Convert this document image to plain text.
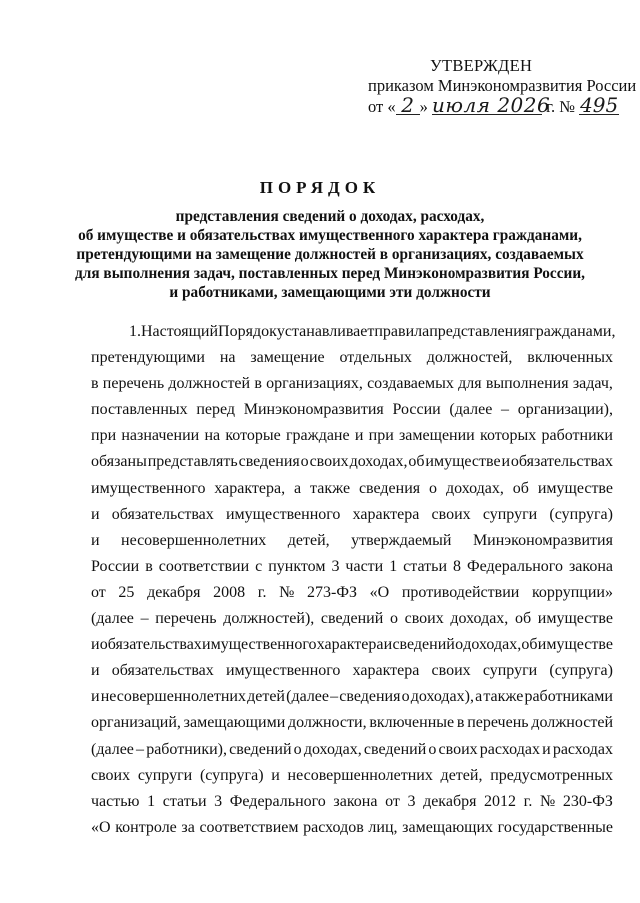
УТВЕРЖДЕН
приказом Минэкономразвития России
от « 2 » июля 2026 г. № 495
ПОРЯДОК
представления сведений о доходах, расходах,
об имуществе и обязательствах имущественного характера гражданами,
претендующими на замещение должностей в организациях, создаваемых
для выполнения задач, поставленных перед Минэкономразвития России,
и работниками, замещающими эти должности
1. Настоящий Порядок устанавливает правила представления гражданами,
претендующими на замещение отдельных должностей, включенных
в перечень должностей в организациях, создаваемых для выполнения задач,
поставленных перед Минэкономразвития России (далее – организации),
при назначении на которые граждане и при замещении которых работники
обязаны представлять сведения о своих доходах, об имуществе и обязательствах
имущественного характера, а также сведения о доходах, об имуществе
и обязательствах имущественного характера своих супруги (супруга)
и несовершеннолетних детей, утверждаемый Минэкономразвития
России в соответствии с пунктом 3 части 1 статьи 8 Федерального закона
от 25 декабря 2008 г. № 273-ФЗ «О противодействии коррупции»
(далее – перечень должностей), сведений о своих доходах, об имуществе
и обязательствах имущественного характера и сведений о доходах, об имуществе
и обязательствах имущественного характера своих супруги (супруга)
и несовершеннолетних детей (далее – сведения о доходах), а также работниками
организаций, замещающими должности, включенные в перечень должностей
(далее – работники), сведений о доходах, сведений о своих расходах и расходах
своих супруги (супруга) и несовершеннолетних детей, предусмотренных
частью 1 статьи 3 Федерального закона от 3 декабря 2012 г. № 230-ФЗ
«О контроле за соответствием расходов лиц, замещающих государственные
